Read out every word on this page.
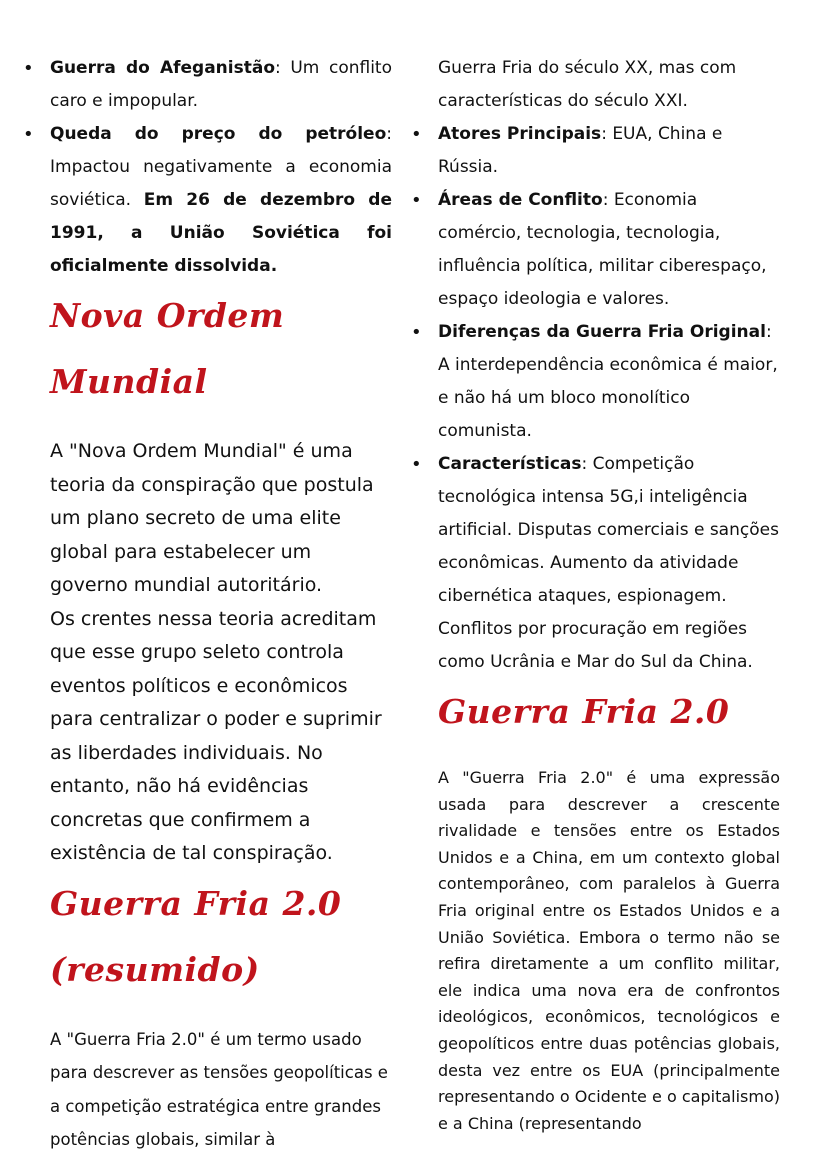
• Guerra do Afeganistão: Um conflito caro e impopular.
• Queda do preço do petróleo: Impactou negativamente a economia soviética. Em 26 de dezembro de 1991, a União Soviética foi oficialmente dissolvida.
Nova Ordem
Mundial

A "Nova Ordem Mundial" é uma teoria da conspiração que postula um plano secreto de uma elite global para estabelecer um governo mundial autoritário.

Os crentes nessa teoria acreditam que esse grupo seleto controla eventos políticos e econômicos para centralizar o poder e suprimir as liberdades individuais. No entanto, não há evidências concretas que confirmem a existência de tal conspiração.

Guerra Fria 2.0
(resumido)

A "Guerra Fria 2.0" é um termo usado para descrever as tensões geopolíticas e a competição estratégica entre grandes potências globais, similar à

Guerra Fria do século XX, mas com características do século XXI.

• Atores Principais: EUA, China e Rússia.
• Áreas de Conflito: Economia comércio, tecnologia, tecnologia, influência política, militar ciberespaço, espaço ideologia e valores.
• Diferenças da Guerra Fria Original: A interdependência econômica é maior, e não há um bloco monolítico comunista.
• Características: Competição tecnológica intensa 5G,i inteligência artificial. Disputas comerciais e sanções econômicas. Aumento da atividade cibernética ataques, espionagem. Conflitos por procuração em regiões como Ucrânia e Mar do Sul da China.
Guerra Fria 2.0

A "Guerra Fria 2.0" é uma expressão usada para descrever a crescente rivalidade e tensões entre os Estados Unidos e a China, em um contexto global contemporâneo, com paralelos à Guerra Fria original entre os Estados Unidos e a União Soviética. Embora o termo não se refira diretamente a um conflito militar, ele indica uma nova era de confrontos ideológicos, econômicos, tecnológicos e geopolíticos entre duas potências globais, desta vez entre os EUA (principalmente representando o Ocidente e o capitalismo) e a China (representando
